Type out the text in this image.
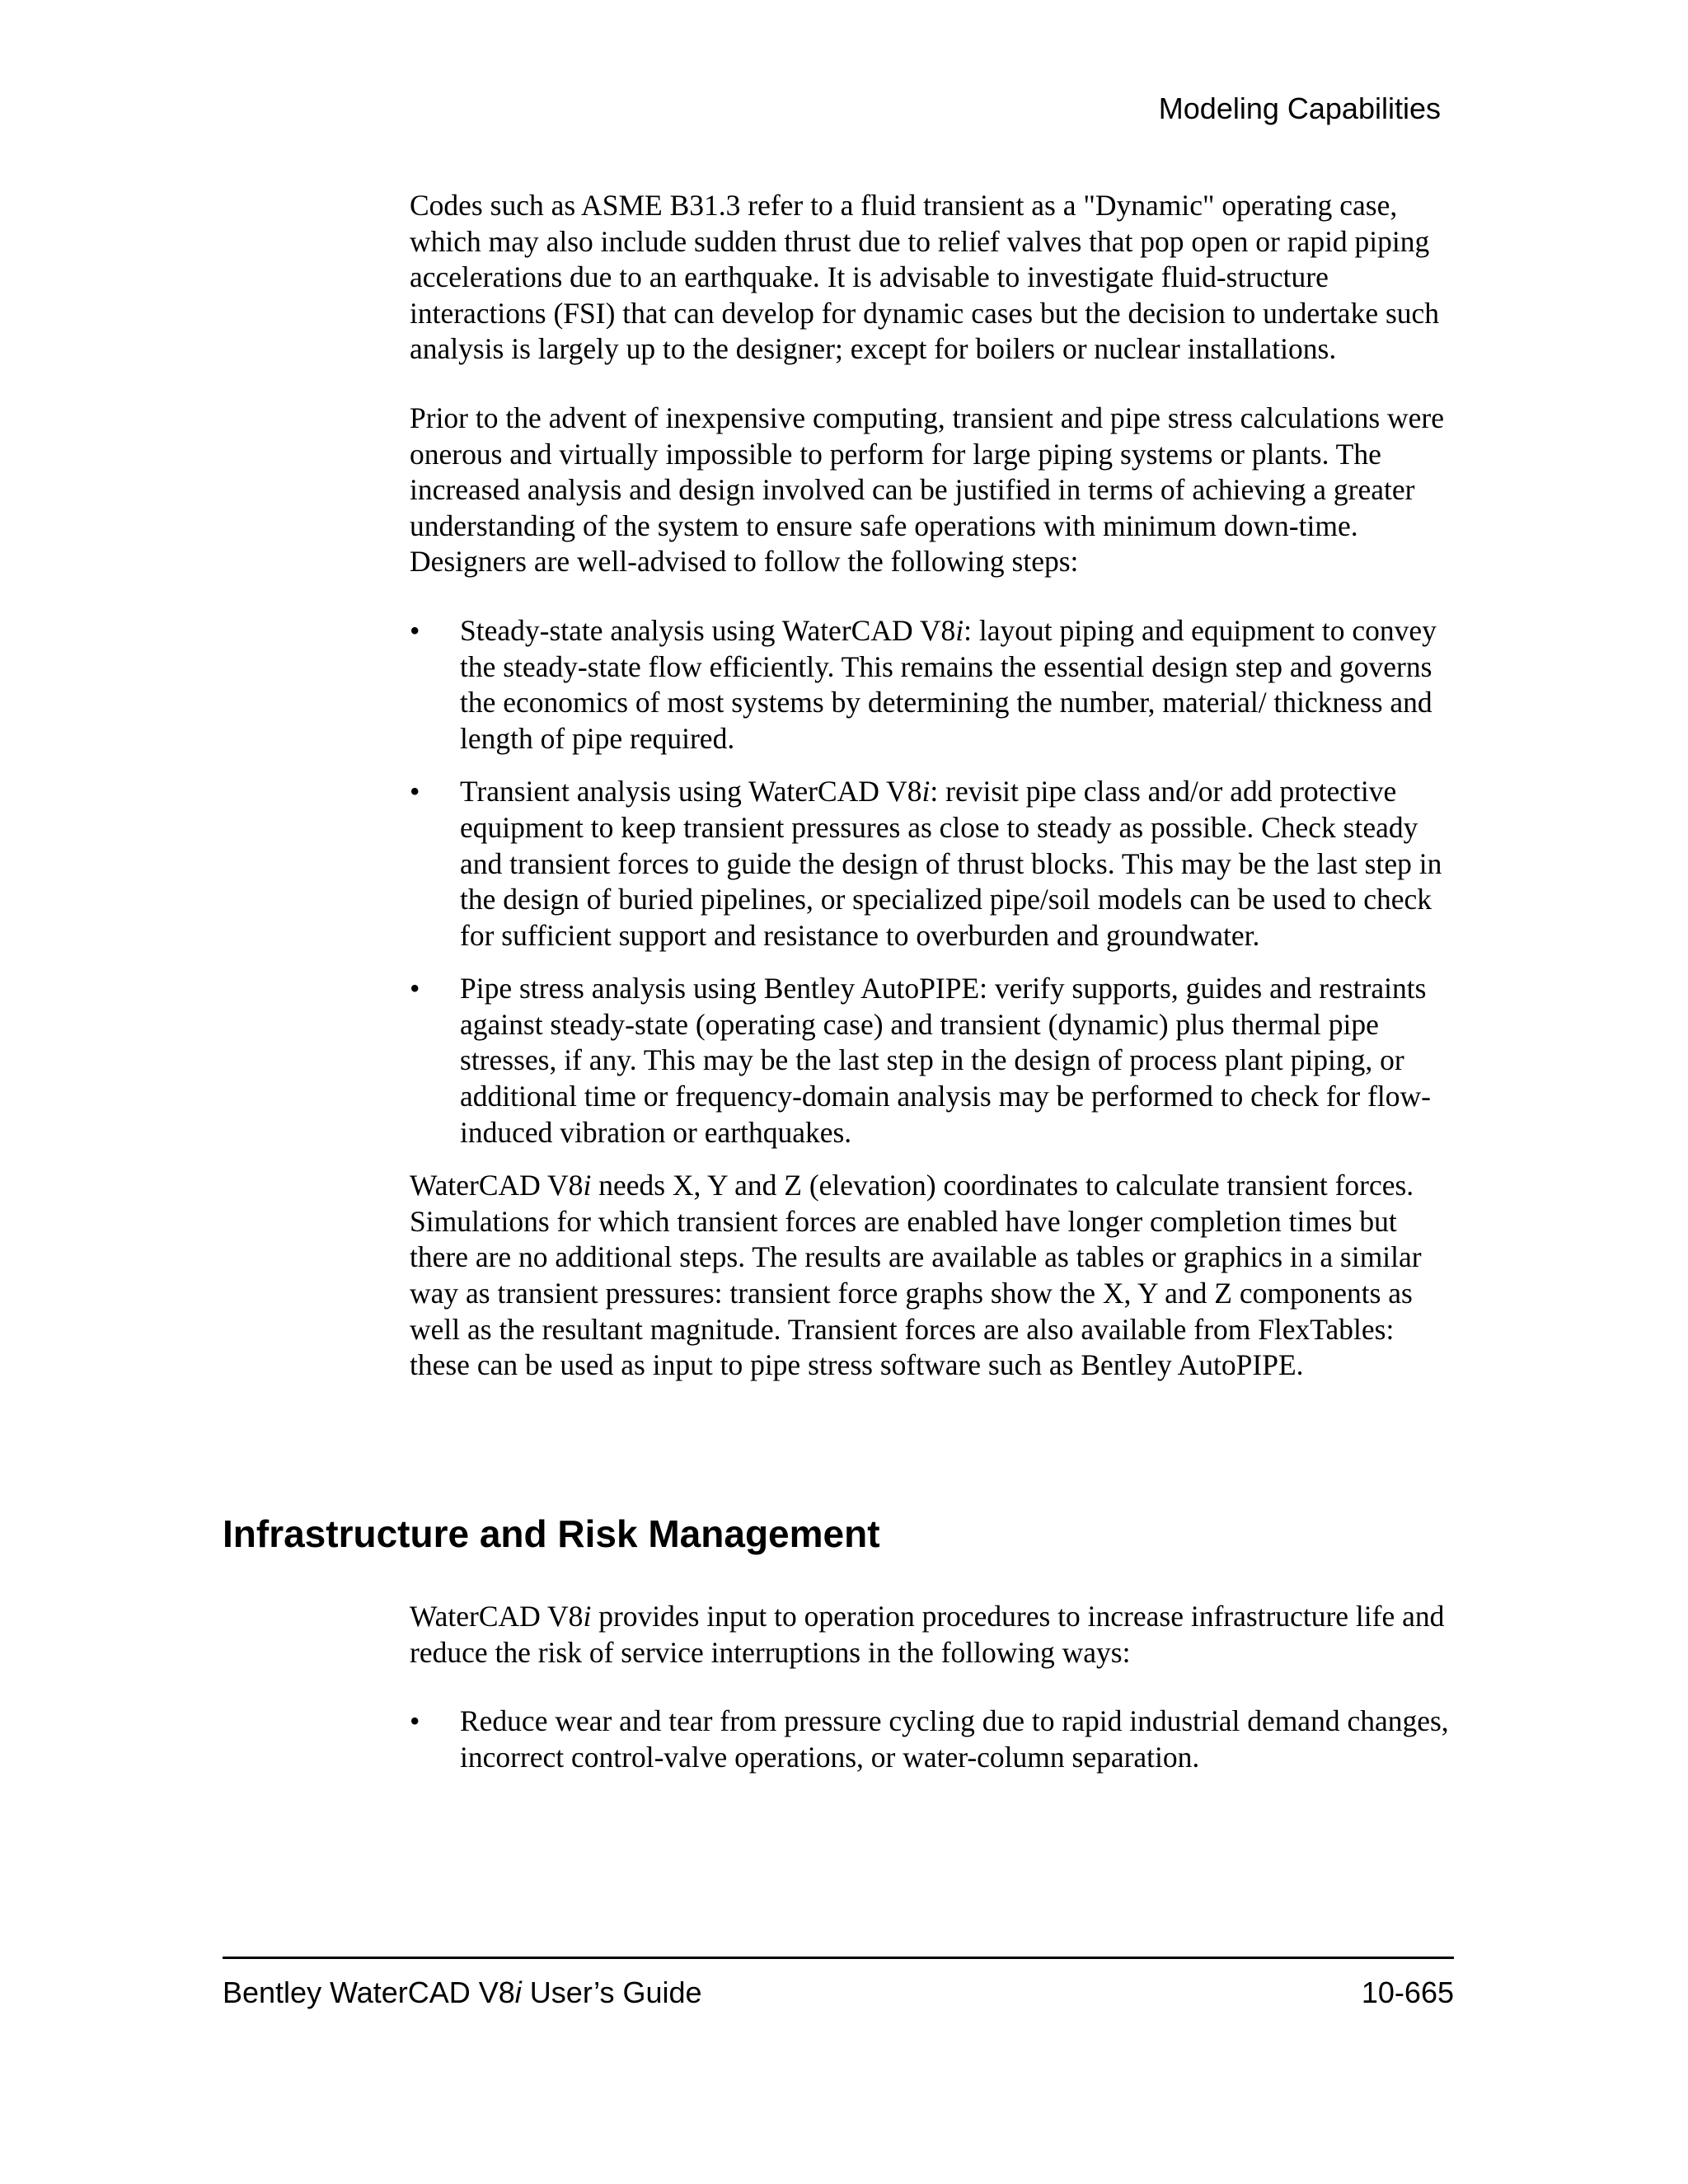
Modeling Capabilities

Codes such as ASME B31.3 refer to a fluid transient as a "Dynamic" operating case, which may also include sudden thrust due to relief valves that pop open or rapid piping accelerations due to an earthquake. It is advisable to investigate fluid-structure interactions (FSI) that can develop for dynamic cases but the decision to undertake such analysis is largely up to the designer; except for boilers or nuclear installations.

Prior to the advent of inexpensive computing, transient and pipe stress calculations were onerous and virtually impossible to perform for large piping systems or plants. The increased analysis and design involved can be justified in terms of achieving a greater understanding of the system to ensure safe operations with minimum down-time. Designers are well-advised to follow the following steps:

• Steady-state analysis using WaterCAD V8i: layout piping and equipment to convey the steady-state flow efficiently. This remains the essential design step and governs the economics of most systems by determining the number, material/ thickness and length of pipe required.
• Transient analysis using WaterCAD V8i: revisit pipe class and/or add protective equipment to keep transient pressures as close to steady as possible. Check steady and transient forces to guide the design of thrust blocks. This may be the last step in the design of buried pipelines, or specialized pipe/soil models can be used to check for sufficient support and resistance to overburden and groundwater.
• Pipe stress analysis using Bentley AutoPIPE: verify supports, guides and restraints against steady-state (operating case) and transient (dynamic) plus thermal pipe stresses, if any. This may be the last step in the design of process plant piping, or additional time or frequency-domain analysis may be performed to check for flow-induced vibration or earthquakes.

WaterCAD V8i needs X, Y and Z (elevation) coordinates to calculate transient forces. Simulations for which transient forces are enabled have longer completion times but there are no additional steps. The results are available as tables or graphics in a similar way as transient pressures: transient force graphs show the X, Y and Z components as well as the resultant magnitude. Transient forces are also available from FlexTables: these can be used as input to pipe stress software such as Bentley AutoPIPE.

Infrastructure and Risk Management

WaterCAD V8i provides input to operation procedures to increase infrastructure life and reduce the risk of service interruptions in the following ways:

• Reduce wear and tear from pressure cycling due to rapid industrial demand changes, incorrect control-valve operations, or water-column separation.

Bentley WaterCAD V8i User’s Guide	10-665
